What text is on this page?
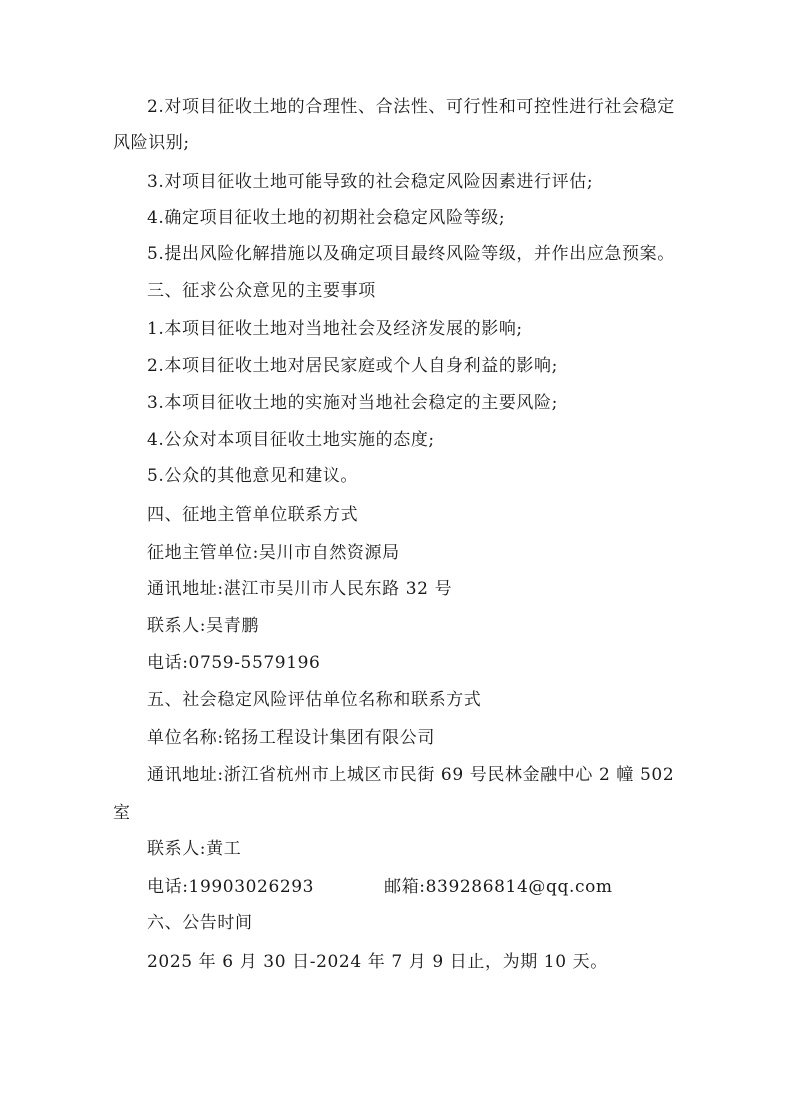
2.对项目征收土地的合理性、合法性、可行性和可控性进行社会稳定
风险识别;
3.对项目征收土地可能导致的社会稳定风险因素进行评估;
4.确定项目征收土地的初期社会稳定风险等级;
5.提出风险化解措施以及确定项目最终风险等级，并作出应急预案。
三、征求公众意见的主要事项
1.本项目征收土地对当地社会及经济发展的影响;
2.本项目征收土地对居民家庭或个人自身利益的影响;
3.本项目征收土地的实施对当地社会稳定的主要风险;
4.公众对本项目征收土地实施的态度;
5.公众的其他意见和建议。
四、征地主管单位联系方式
征地主管单位:吴川市自然资源局
通讯地址:湛江市吴川市人民东路 32 号
联系人:吴青鹏
电话:0759-5579196
五、社会稳定风险评估单位名称和联系方式
单位名称:铭扬工程设计集团有限公司
通讯地址:浙江省杭州市上城区市民街 69 号民林金融中心 2 幢 502
室
联系人:黄工
电话:19903026293	邮箱:839286814@qq.com
六、公告时间
2025 年 6 月 30 日-2024 年 7 月 9 日止，为期 10 天。
